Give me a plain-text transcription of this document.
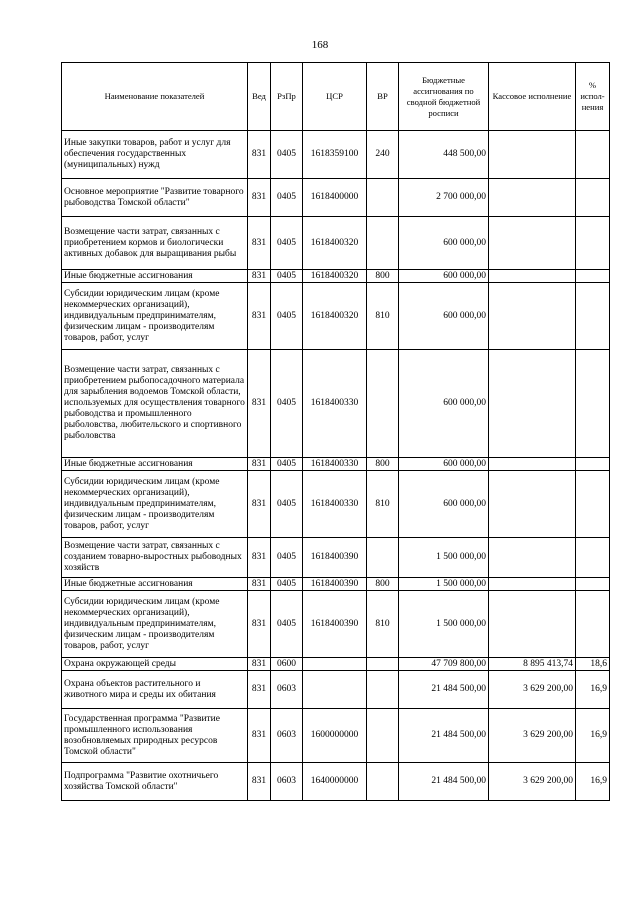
168
Наименование показателей	Вед	РзПр	ЦСР	ВР	Бюджетные ассигнования по сводной бюджетной росписи	Кассовое исполнение	% испол-нения
Иные закупки товаров, работ и услуг для обеспечения государственных (муниципальных) нужд	831	0405	1618359100	240	448 500,00		
Основное мероприятие "Развитие товарного рыбоводства Томской области"	831	0405	1618400000		2 700 000,00		
Возмещение части затрат, связанных с приобретением кормов и биологически активных добавок для выращивания рыбы	831	0405	1618400320		600 000,00		
Иные бюджетные ассигнования	831	0405	1618400320	800	600 000,00		
Субсидии юридическим лицам (кроме некоммерческих организаций), индивидуальным предпринимателям, физическим лицам - производителям товаров, работ, услуг	831	0405	1618400320	810	600 000,00		
Возмещение части затрат, связанных с приобретением рыбопосадочного материала для зарыбления водоемов Томской области, используемых для осуществления товарного рыбоводства и промышленного рыболовства, любительского и спортивного рыболовства	831	0405	1618400330		600 000,00		
Иные бюджетные ассигнования	831	0405	1618400330	800	600 000,00		
Субсидии юридическим лицам (кроме некоммерческих организаций), индивидуальным предпринимателям, физическим лицам - производителям товаров, работ, услуг	831	0405	1618400330	810	600 000,00		
Возмещение части затрат, связанных с созданием товарно-выростных рыбоводных хозяйств	831	0405	1618400390		1 500 000,00		
Иные бюджетные ассигнования	831	0405	1618400390	800	1 500 000,00		
Субсидии юридическим лицам (кроме некоммерческих организаций), индивидуальным предпринимателям, физическим лицам - производителям товаров, работ, услуг	831	0405	1618400390	810	1 500 000,00		
Охрана окружающей среды	831	0600			47 709 800,00	8 895 413,74	18,6
Охрана объектов растительного и животного мира и среды их обитания	831	0603			21 484 500,00	3 629 200,00	16,9
Государственная программа "Развитие промышленного использования возобновляемых природных ресурсов Томской области"	831	0603	1600000000		21 484 500,00	3 629 200,00	16,9
Подпрограмма "Развитие охотничьего хозяйства Томской области"	831	0603	1640000000		21 484 500,00	3 629 200,00	16,9
